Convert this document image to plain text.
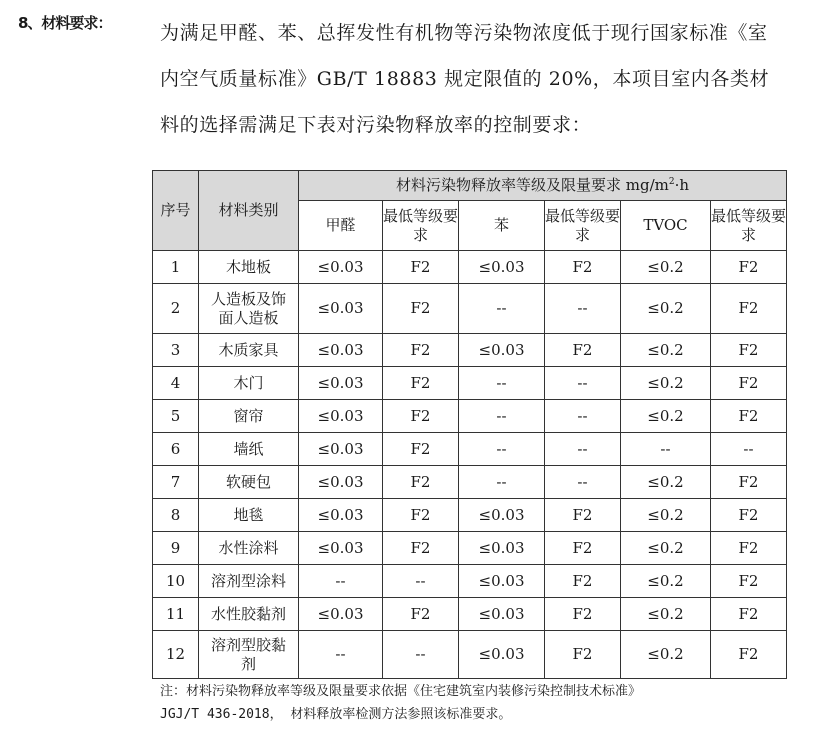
8、材料要求：	为满足甲醛、苯、总挥发性有机物等污染物浓度低于现行国家标准《室
内空气质量标准》GB/T 18883 规定限值的 20%，本项目室内各类材
料的选择需满足下表对污染物释放率的控制要求：
序号	材料类别	材料污染物释放率等级及限量要求 $mg/m^2\cdot h$					
		甲醛	最低等级要求	苯	最低等级要求	TVOC	最低等级要求
1	木地板	≤0.03	F2	≤0.03	F2	≤0.2	F2
2	人造板及饰面人造板	≤0.03	F2	--	--	≤0.2	F2
3	木质家具	≤0.03	F2	≤0.03	F2	≤0.2	F2
4	木门	≤0.03	F2	--	--	≤0.2	F2
5	窗帘	≤0.03	F2	--	--	≤0.2	F2
6	墙纸	≤0.03	F2	--	--	--	--
7	软硬包	≤0.03	F2	--	--	≤0.2	F2
8	地毯	≤0.03	F2	≤0.03	F2	≤0.2	F2
9	水性涂料	≤0.03	F2	≤0.03	F2	≤0.2	F2
10	溶剂型涂料	--	--	≤0.03	F2	≤0.2	F2
11	水性胶黏剂	≤0.03	F2	≤0.03	F2	≤0.2	F2
12	溶剂型胶黏剂	--	--	≤0.03	F2	≤0.2	F2
注：材料污染物释放率等级及限量要求依据《住宅建筑室内装修污染控制技术标准》
JGJ/T 436-2018， 材料释放率检测方法参照该标准要求。
